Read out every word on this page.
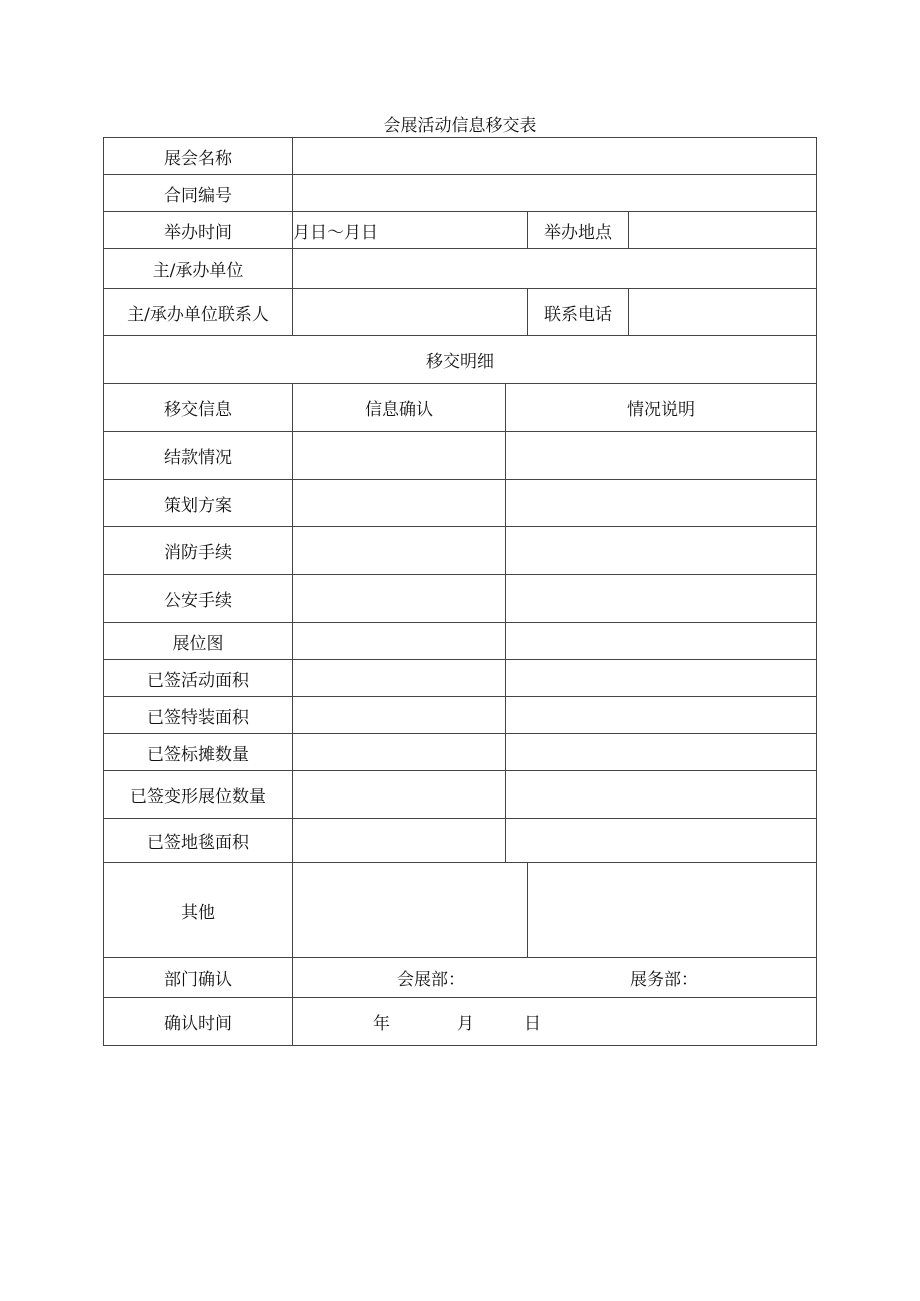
会展活动信息移交表
展会名称				
合同编号				
举办时间	月日～月日		举办地点	
主/承办单位				
主/承办单位联系人			联系电话	
移交明细				
移交信息	信息确认	情况说明		
结款情况				
策划方案				
消防手续				
公安手续				
展位图				
已签活动面积				
已签特装面积				
已签标摊数量				
已签变形展位数量				
已签地毯面积				
其他				
部门确认	会展部： 展务部：			

确认时间	年 月 日			
